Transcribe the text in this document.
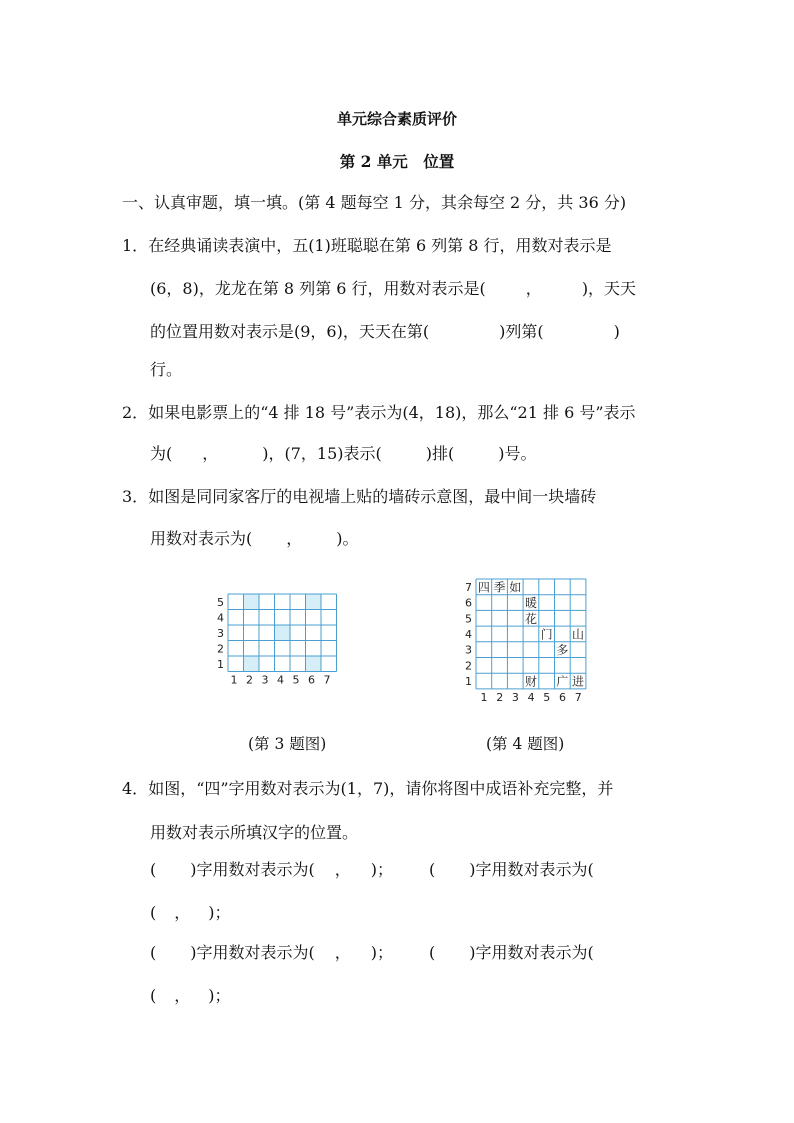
单元综合素质评价
第 2 单元　位置
一、认真审题，填一填。(第 4 题每空 1 分，其余每空 2 分，共 36 分)
1．在经典诵读表演中，五(1)班聪聪在第 6 列第 8 行，用数对表示是
(6，8)，龙龙在第 8 列第 6 行，用数对表示是(	，	)，天天
的位置用数对表示是(9，6)，天天在第(	)列第(	)
行。
2．如果电影票上的“4 排 18 号”表示为(4，18)，那么“21 排 6 号”表示
为( ，	)，(7，15)表示(	)排(	)号。
3．如图是同同家客厅的电视墙上贴的墙砖示意图，最中间一块墙砖
用数对表示为( ， )。
1 2 3 4 5 6 7
1
2
3
4
5
1 2 3 4 5 6 7
1
2
3
4
5
6
7 四 季 如
暖
花
门 山
多
财 广 进
(第 3 题图)	(第 4 题图)
4．如图，“四”字用数对表示为(1，7)，请你将图中成语补充完整，并
用数对表示所填汉字的位置。
( )字用数对表示为( ， )； ( )字用数对表示为(
( ， )；
( )字用数对表示为( ， )； ( )字用数对表示为(
( ， )；
